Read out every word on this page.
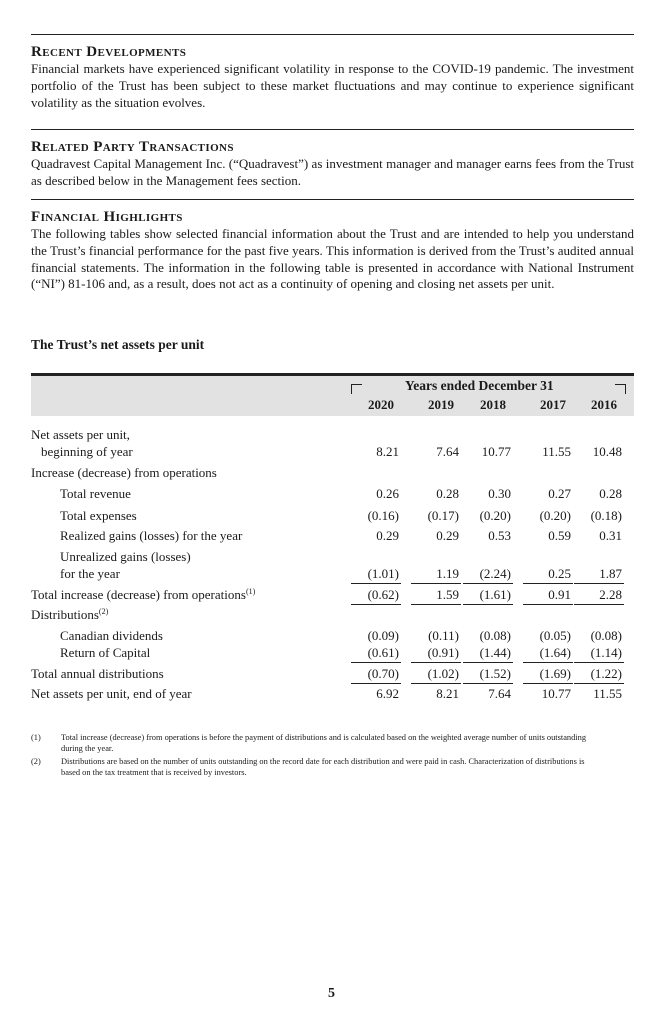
Recent Developments

Financial markets have experienced significant volatility in response to the COVID-19 pandemic. The investment portfolio of the Trust has been subject to these market fluctuations and may continue to experience significant volatility as the situation evolves.

Related Party Transactions

Quadravest Capital Management Inc. (“Quadravest”) as investment manager and manager earns fees from the Trust as described below in the Management fees section.

Financial Highlights

The following tables show selected financial information about the Trust and are intended to help you understand the Trust’s financial performance for the past five years. This information is derived from the Trust’s audited annual financial statements. The information in the following table is presented in accordance with National Instrument (“NI”) 81-106 and, as a result, does not act as a continuity of opening and closing net assets per unit.

The Trust’s net assets per unit
Years ended December 31
2020	2019	2018	2017	2016
Net assets per unit,
beginning of year	8.21	7.64	10.77	11.55	10.48
Increase (decrease) from operations
Total revenue	0.26	0.28	0.30	0.27	0.28
Total expenses	(0.16)	(0.17)	(0.20)	(0.20)	(0.18)
Realized gains (losses) for the year	0.29	0.29	0.53	0.59	0.31
Unrealized gains (losses)
for the year	(1.01)	1.19	(2.24)	0.25	1.87
Total increase (decrease) from operations$^{(1)}$	(0.62)	1.59	(1.61)	0.91	2.28
Distributions$^{(2)}$
Canadian dividends	(0.09)	(0.11)	(0.08)	(0.05)	(0.08)
Return of Capital	(0.61)	(0.91)	(1.44)	(1.64)	(1.14)
Total annual distributions	(0.70)	(1.02)	(1.52)	(1.69)	(1.22)
Net assets per unit, end of year	6.92	8.21	7.64	10.77	11.55
(1) Total increase (decrease) from operations is before the payment of distributions and is calculated based on the weighted average number of units outstanding during the year.
(2) Distributions are based on the number of units outstanding on the record date for each distribution and were paid in cash. Characterization of distributions is based on the tax treatment that is received by investors.
5
